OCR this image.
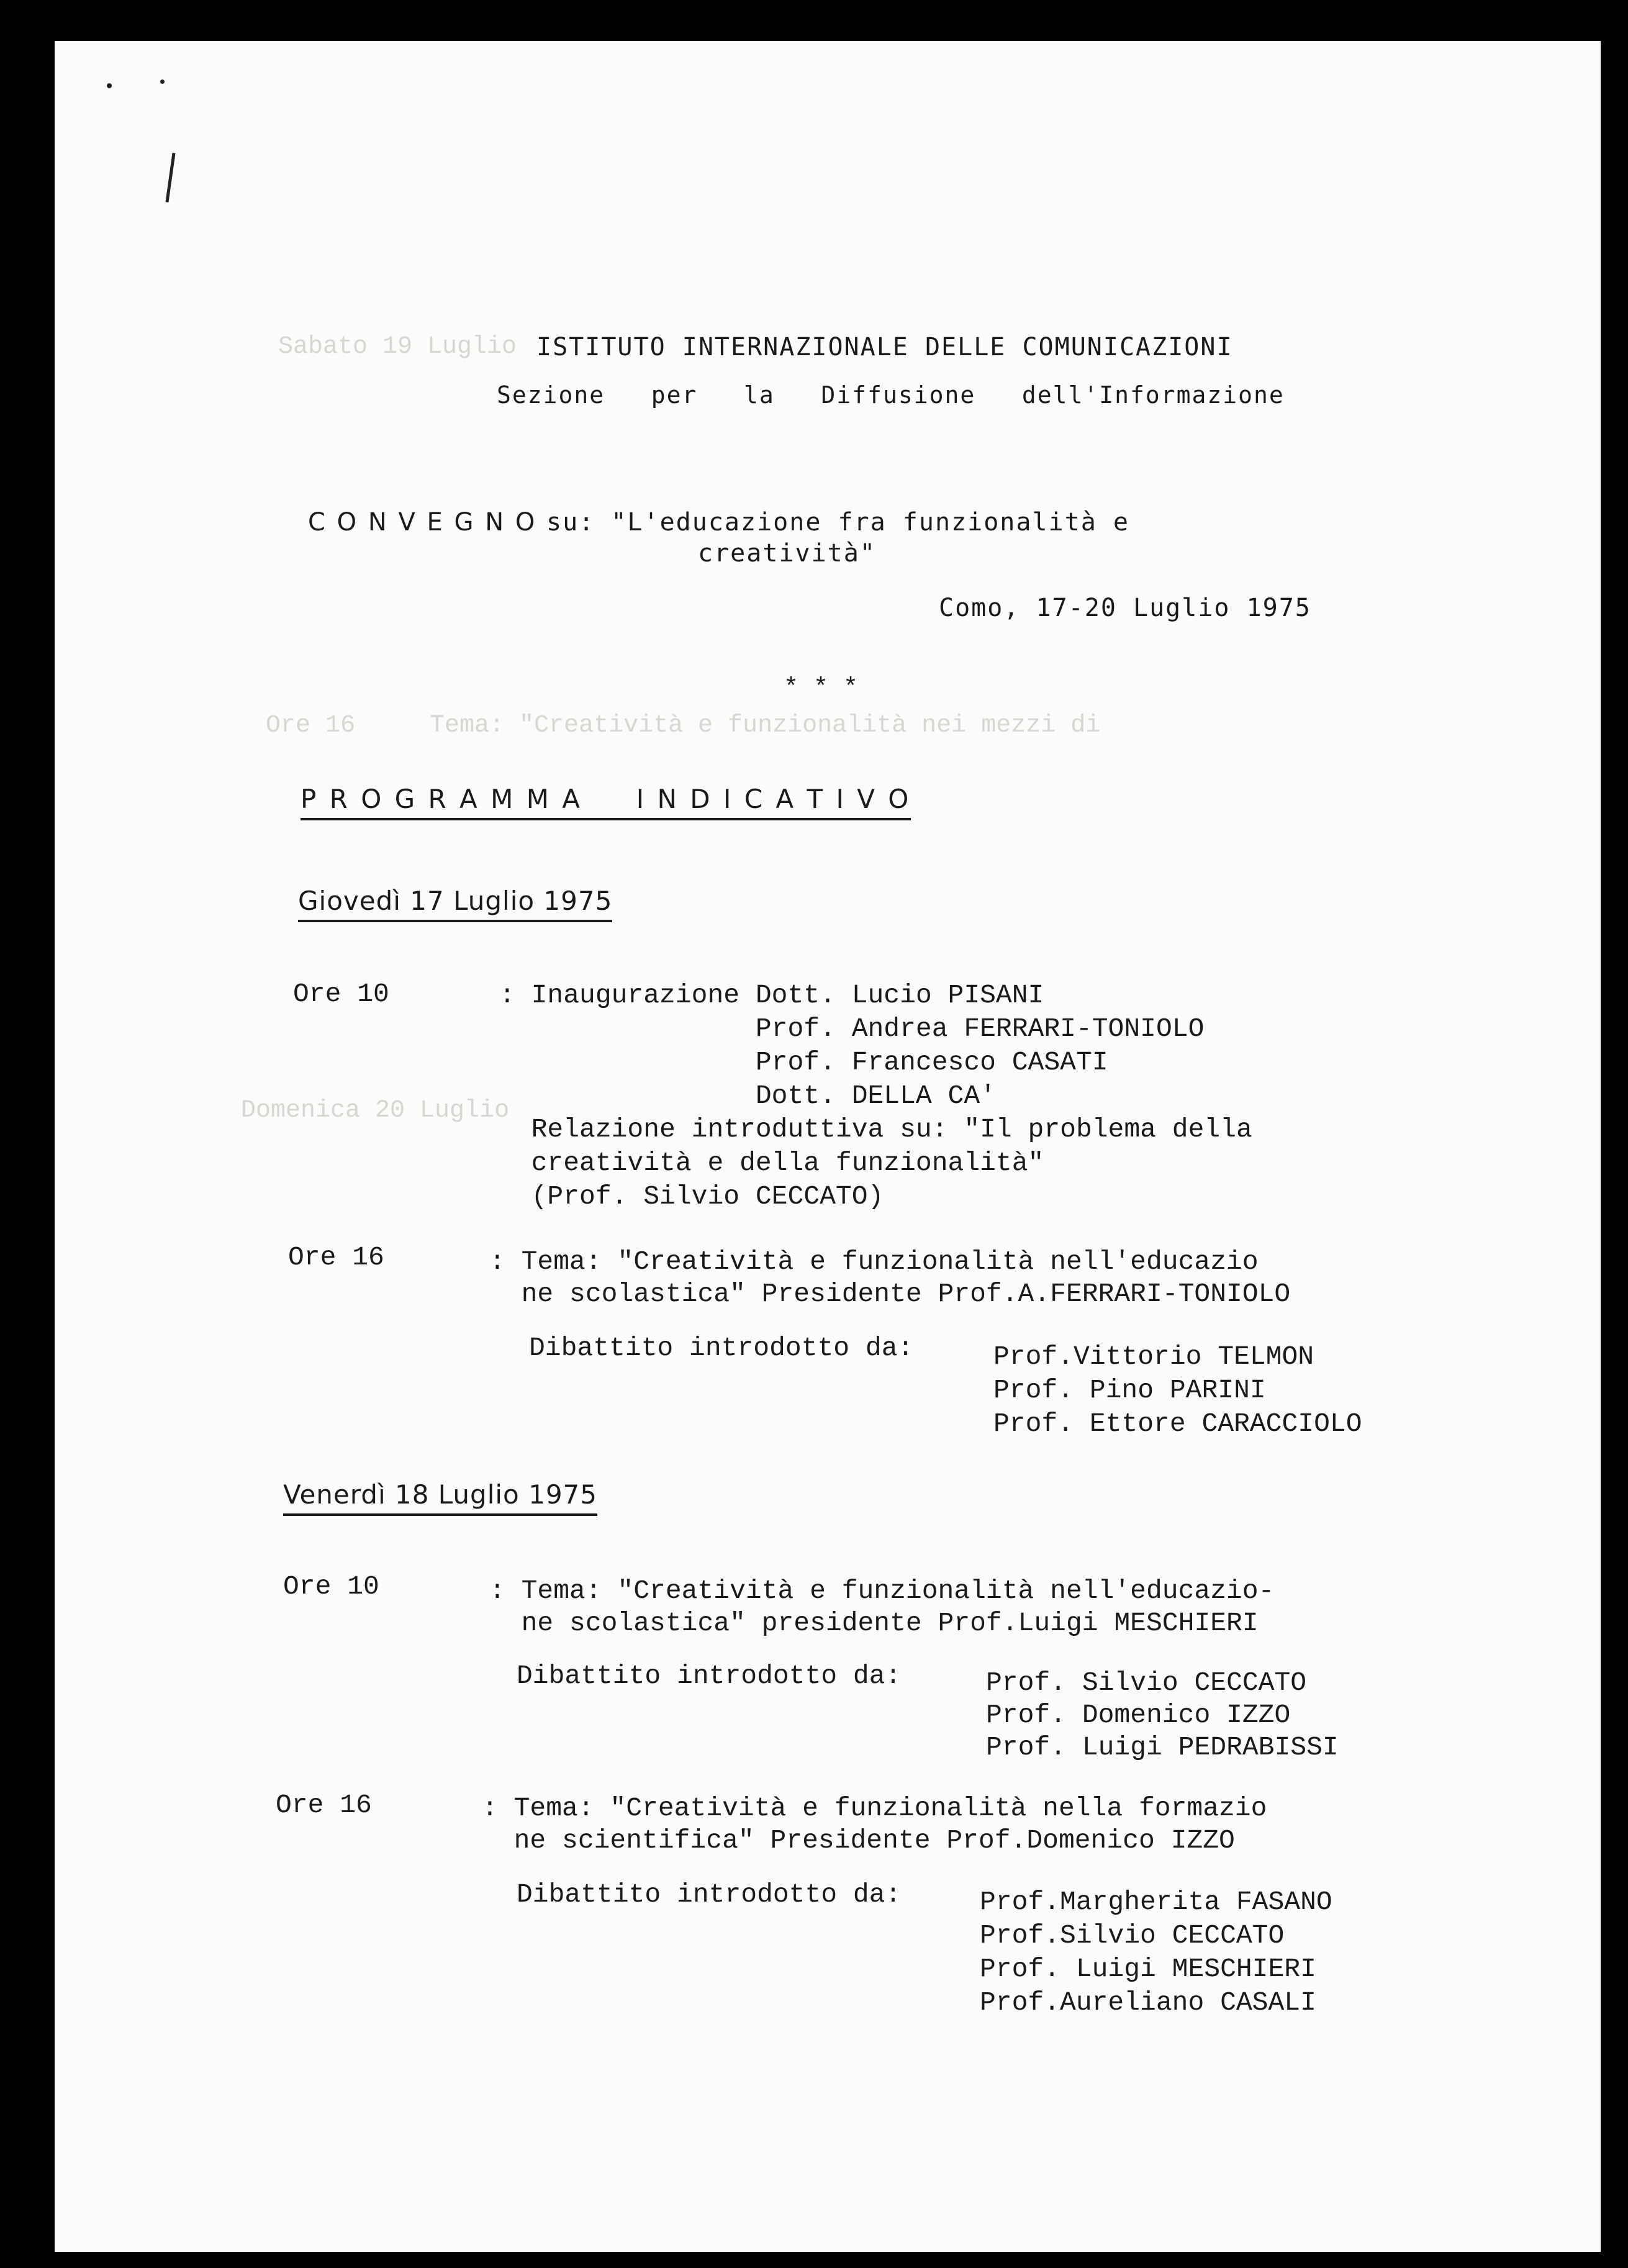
Sabato 19 Luglio
Ore 16     Tema: "Creatività e funzionalità nei mezzi di
Domenica 20 Luglio
ISTITUTO INTERNAZIONALE DELLE COMUNICAZIONI
Sezione   per   la   Diffusione   dell'Informazione
C O N V E G N O su: "L'educazione fra funzionalità e
creatività"
Como, 17-20 Luglio 1975
* * *
P R O G R A M M A     I N D I C A T I V O
Giovedì 17 Luglio 1975
Ore 10	: Inaugurazione Dott. Lucio PISANI
Prof. Andrea FERRARI-TONIOLO
Prof. Francesco CASATI
Dott. DELLA CA'
Relazione introduttiva su: "Il problema della
creatività e della funzionalità"
(Prof. Silvio CECCATO)
Ore 16	: Tema: "Creatività e funzionalità nell'educazio
ne scolastica" Presidente Prof.A.FERRARI-TONIOLO
Dibattito introdotto da:	Prof.Vittorio TELMON
Prof. Pino PARINI
Prof. Ettore CARACCIOLO
Venerdì 18 Luglio 1975
Ore 10	: Tema: "Creatività e funzionalità nell'educazio-
ne scolastica" presidente Prof.Luigi MESCHIERI
Dibattito introdotto da:	Prof. Silvio CECCATO
Prof. Domenico IZZO
Prof. Luigi PEDRABISSI
Ore 16	: Tema: "Creatività e funzionalità nella formazio
ne scientifica" Presidente Prof.Domenico IZZO
Dibattito introdotto da:	Prof.Margherita FASANO
Prof.Silvio CECCATO
Prof. Luigi MESCHIERI
Prof.Aureliano CASALI
